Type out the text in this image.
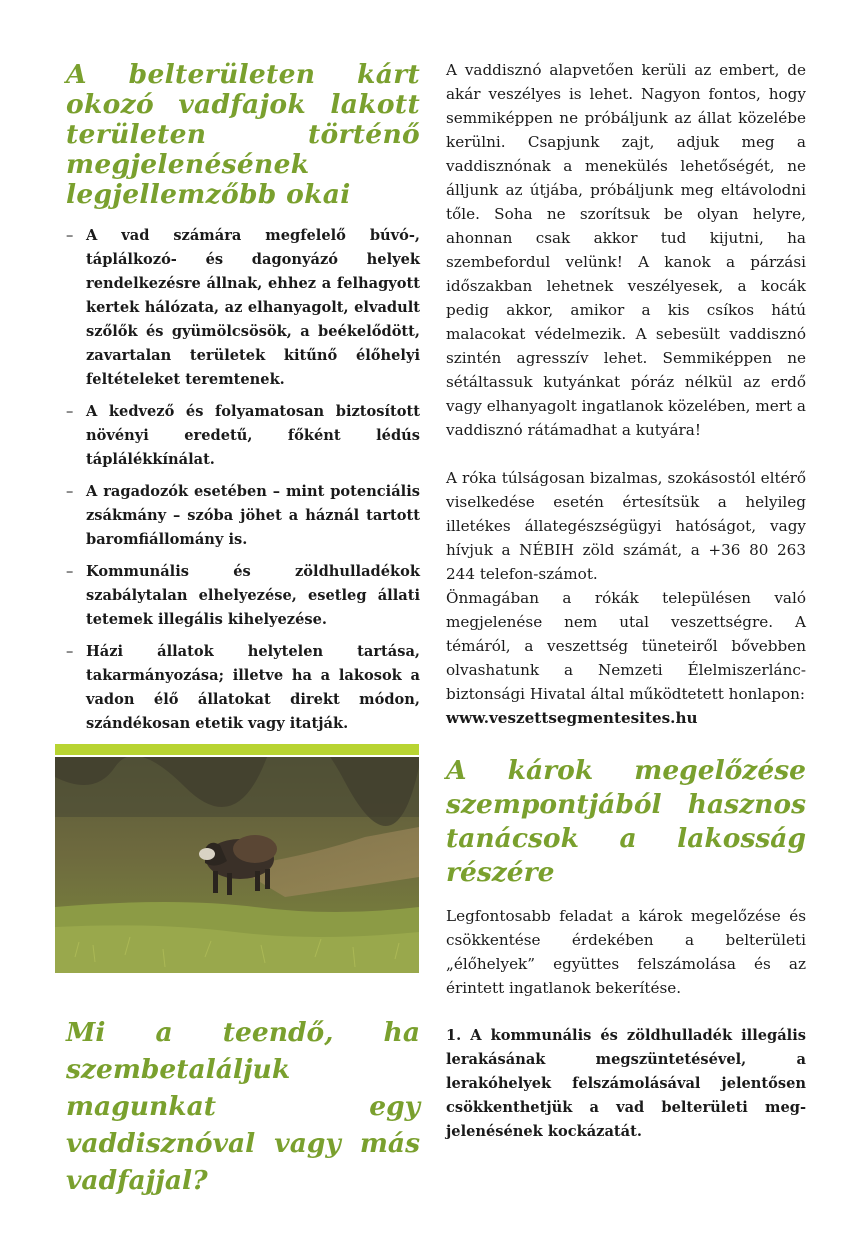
A belterületen kárt okozó vadfajok lakott területen történő megjelenésének legjellemzőbb okai
– A vad számára megfelelő búvó-, táplálkozó- és dagonyázó helyek rendelkezésre állnak, ehhez a felhagyott kertek hálózata, az elhanyagolt, elvadult szőlők és gyümölcsösök, a beékelődött, zavartalan területek kitűnő élőhelyi feltételeket teremtenek.
– A kedvező és folyamatosan biztosított növényi eredetű, főként lédús táplálékkínálat.
– A ragadozók esetében – mint potenciális zsákmány – szóba jöhet a háznál tartott baromfiállomány is.
– Kommunális és zöldhulladékok szabálytalan elhelyezése, esetleg állati tetemek illegális kihelyezése.
– Házi állatok helytelen tartása, takarmányozása; illetve ha a lakosok a vadon élő állatokat direkt módon, szándékosan etetik vagy itatják.
Mi a teendő, ha szembetaláljuk magunkat egy vaddisznóval vagy más vadfajjal?

A vaddisznó alapvetően kerüli az embert, de akár veszélyes is lehet. Nagyon fontos, hogy semmiképpen ne próbáljunk az állat közelébe kerülni. Csapjunk zajt, adjuk meg a vaddisznónak a menekülés lehetőségét, ne álljunk az útjába, próbáljunk meg eltávolodni tőle. Soha ne szorítsuk be olyan helyre, ahonnan csak akkor tud kijutni, ha szembefordul velünk! A kanok a párzási időszakban lehetnek veszélyesek, a kocák pedig akkor, amikor a kis csíkos hátú malacokat védelmezik. A sebesült vaddisznó szintén agresszív lehet. Semmiképpen ne sétáltassuk kutyánkat póráz nélkül az erdő vagy elhanyagolt ingatlanok közelében, mert a vaddisznó rátámadhat a kutyára!

A róka túlságosan bizalmas, szokásostól eltérő viselkedése esetén értesítsük a helyileg illetékes állategészségügyi hatóságot, vagy hívjuk a NÉBIH zöld számát, a +36 80 263 244 telefon-számot.

Önmagában a rókák településen való megjelenése nem utal veszettségre. A témáról, a veszettség tüneteiről bővebben olvashatunk a Nemzeti Élelmiszerlánc-biztonsági Hivatal által működtetett honlapon:

www.veszettsegmentesites.hu

A károk megelőzése szempontjából hasznos tanácsok a lakosság részére

Legfontosabb feladat a károk megelőzése és csökkentése érdekében a belterületi „élőhelyek” együttes felszámolása és az érintett ingatlanok bekerítése.

1. A kommunális és zöldhulladék illegális lerakásának megszüntetésével, a lerakóhelyek felszámolásával jelentősen csökkenthetjük a vad belterületi meg-jelenésének kockázatát.
